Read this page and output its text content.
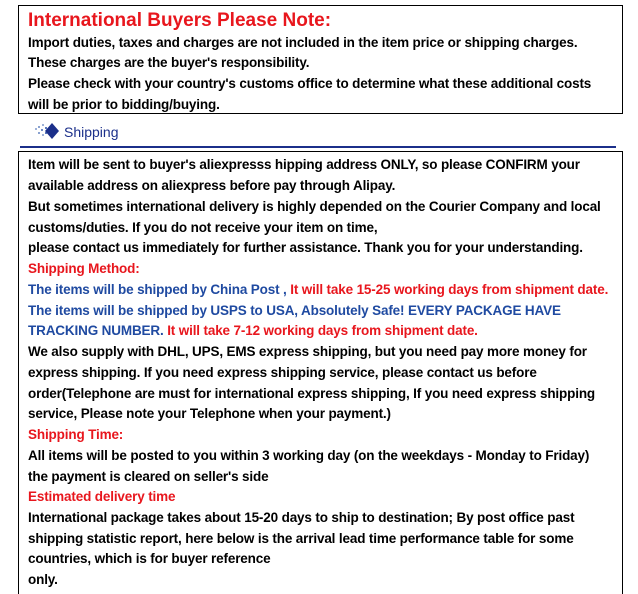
International Buyers Please Note:
Import duties, taxes and charges are not included in the item price or shipping charges.
These charges are the buyer's responsibility.
Please check with your country's customs office to determine what these additional costs
will be prior to bidding/buying.
Shipping
Item will be sent to buyer's aliexpresss hipping address ONLY, so please CONFIRM your
available address on aliexpress before pay through Alipay.
But sometimes international delivery is highly depended on the Courier Company and local
customs/duties. If you do not receive your item on time,
please contact us immediately for further assistance. Thank you for your understanding.
Shipping Method:
The items will be shipped by China Post , It will take 15-25 working days from shipment date.
The items will be shipped by USPS to USA, Absolutely Safe! EVERY PACKAGE HAVE
TRACKING NUMBER. It will take 7-12 working days from shipment date.
We also supply with DHL, UPS, EMS express shipping, but you need pay more money for
express shipping. If you need express shipping service, please contact us before
order(Telephone are must for international express shipping, If you need express shipping
service, Please note your Telephone when your payment.)
Shipping Time:
All items will be posted to you within 3 working day (on the weekdays - Monday to Friday)
the payment is cleared on seller's side
Estimated delivery time
International package takes about 15-20 days to ship to destination; By post office past
shipping statistic report, here below is the arrival lead time performance table for some
countries, which is for buyer reference
only.
